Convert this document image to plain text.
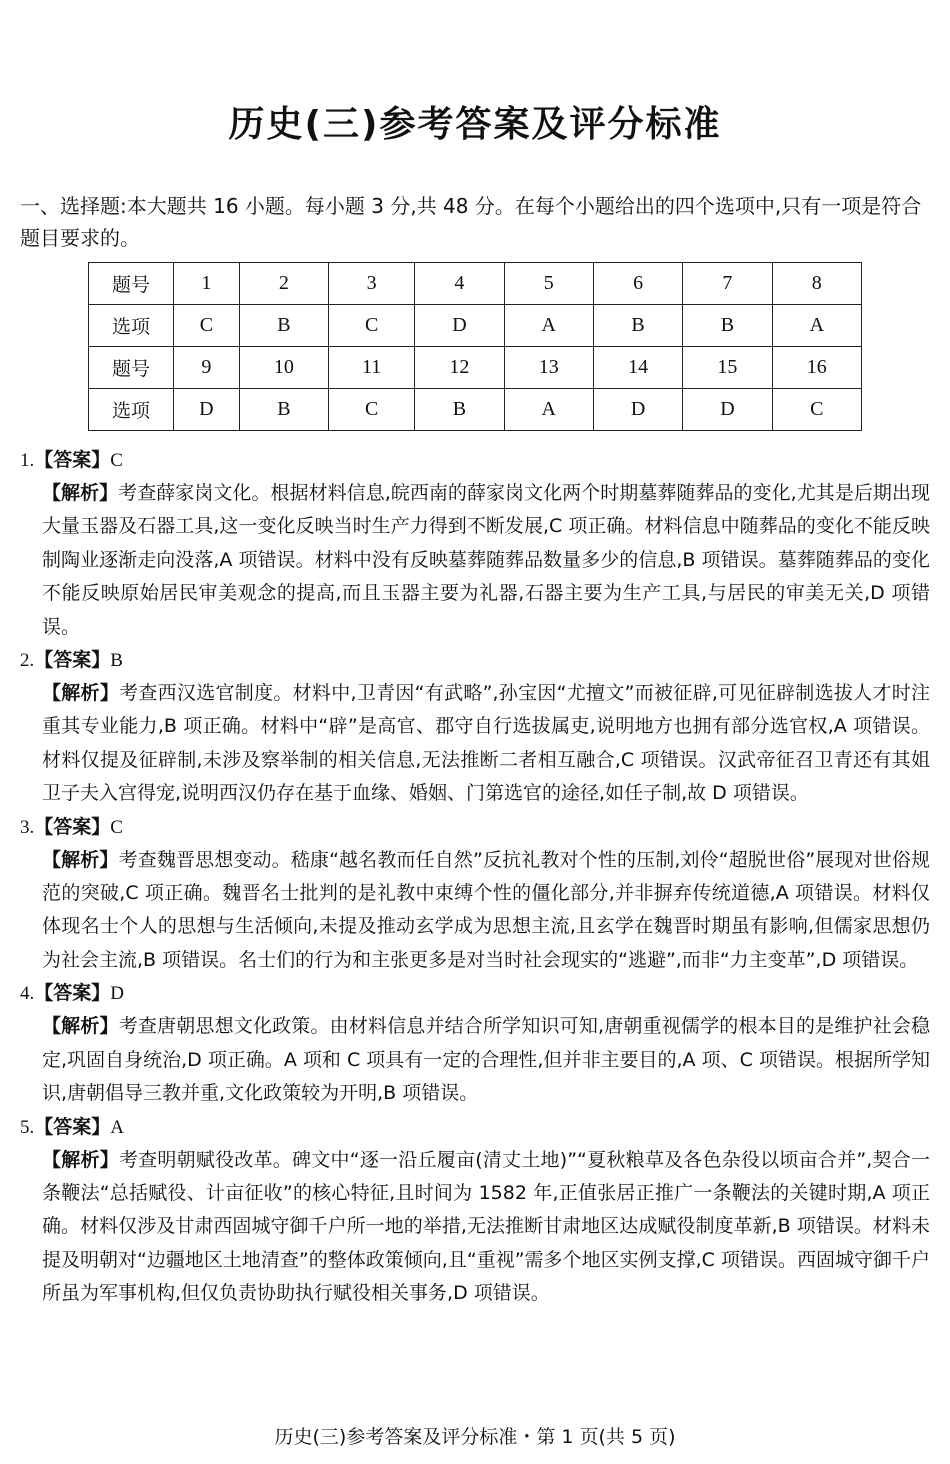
历史(三)参考答案及评分标准
一、选择题:本大题共 16 小题。每小题 3 分,共 48 分。在每个小题给出的四个选项中,只有一项是符合题目要求的。
题号	1	2	3	4	5	6	7	8
选项	C	B	C	D	A	B	B	A
题号	9	10	11	12	13	14	15	16
选项	D	B	C	B	A	D	D	C
1.【答案】C
【解析】考查薛家岗文化。根据材料信息,皖西南的薛家岗文化两个时期墓葬随葬品的变化,尤其是后期出现大量玉器及石器工具,这一变化反映当时生产力得到不断发展,C 项正确。材料信息中随葬品的变化不能反映制陶业逐渐走向没落,A 项错误。材料中没有反映墓葬随葬品数量多少的信息,B 项错误。墓葬随葬品的变化不能反映原始居民审美观念的提高,而且玉器主要为礼器,石器主要为生产工具,与居民的审美无关,D 项错误。
2.【答案】B
【解析】考查西汉选官制度。材料中,卫青因“有武略”,孙宝因“尤擅文”而被征辟,可见征辟制选拔人才时注重其专业能力,B 项正确。材料中“辟”是高官、郡守自行选拔属吏,说明地方也拥有部分选官权,A 项错误。材料仅提及征辟制,未涉及察举制的相关信息,无法推断二者相互融合,C 项错误。汉武帝征召卫青还有其姐卫子夫入宫得宠,说明西汉仍存在基于血缘、婚姻、门第选官的途径,如任子制,故 D 项错误。
3.【答案】C
【解析】考查魏晋思想变动。嵇康“越名教而任自然”反抗礼教对个性的压制,刘伶“超脱世俗”展现对世俗规范的突破,C 项正确。魏晋名士批判的是礼教中束缚个性的僵化部分,并非摒弃传统道德,A 项错误。材料仅体现名士个人的思想与生活倾向,未提及推动玄学成为思想主流,且玄学在魏晋时期虽有影响,但儒家思想仍为社会主流,B 项错误。名士们的行为和主张更多是对当时社会现实的“逃避”,而非“力主变革”,D 项错误。
4.【答案】D
【解析】考查唐朝思想文化政策。由材料信息并结合所学知识可知,唐朝重视儒学的根本目的是维护社会稳定,巩固自身统治,D 项正确。A 项和 C 项具有一定的合理性,但并非主要目的,A 项、C 项错误。根据所学知识,唐朝倡导三教并重,文化政策较为开明,B 项错误。
5.【答案】A
【解析】考查明朝赋役改革。碑文中“逐一沿丘履亩(清丈土地)”“夏秋粮草及各色杂役以顷亩合并”,契合一条鞭法“总括赋役、计亩征收”的核心特征,且时间为 1582 年,正值张居正推广一条鞭法的关键时期,A 项正确。材料仅涉及甘肃西固城守御千户所一地的举措,无法推断甘肃地区达成赋役制度革新,B 项错误。材料未提及明朝对“边疆地区土地清查”的整体政策倾向,且“重视”需多个地区实例支撑,C 项错误。西固城守御千户所虽为军事机构,但仅负责协助执行赋役相关事务,D 项错误。
历史(三)参考答案及评分标准・第 1 页(共 5 页)
